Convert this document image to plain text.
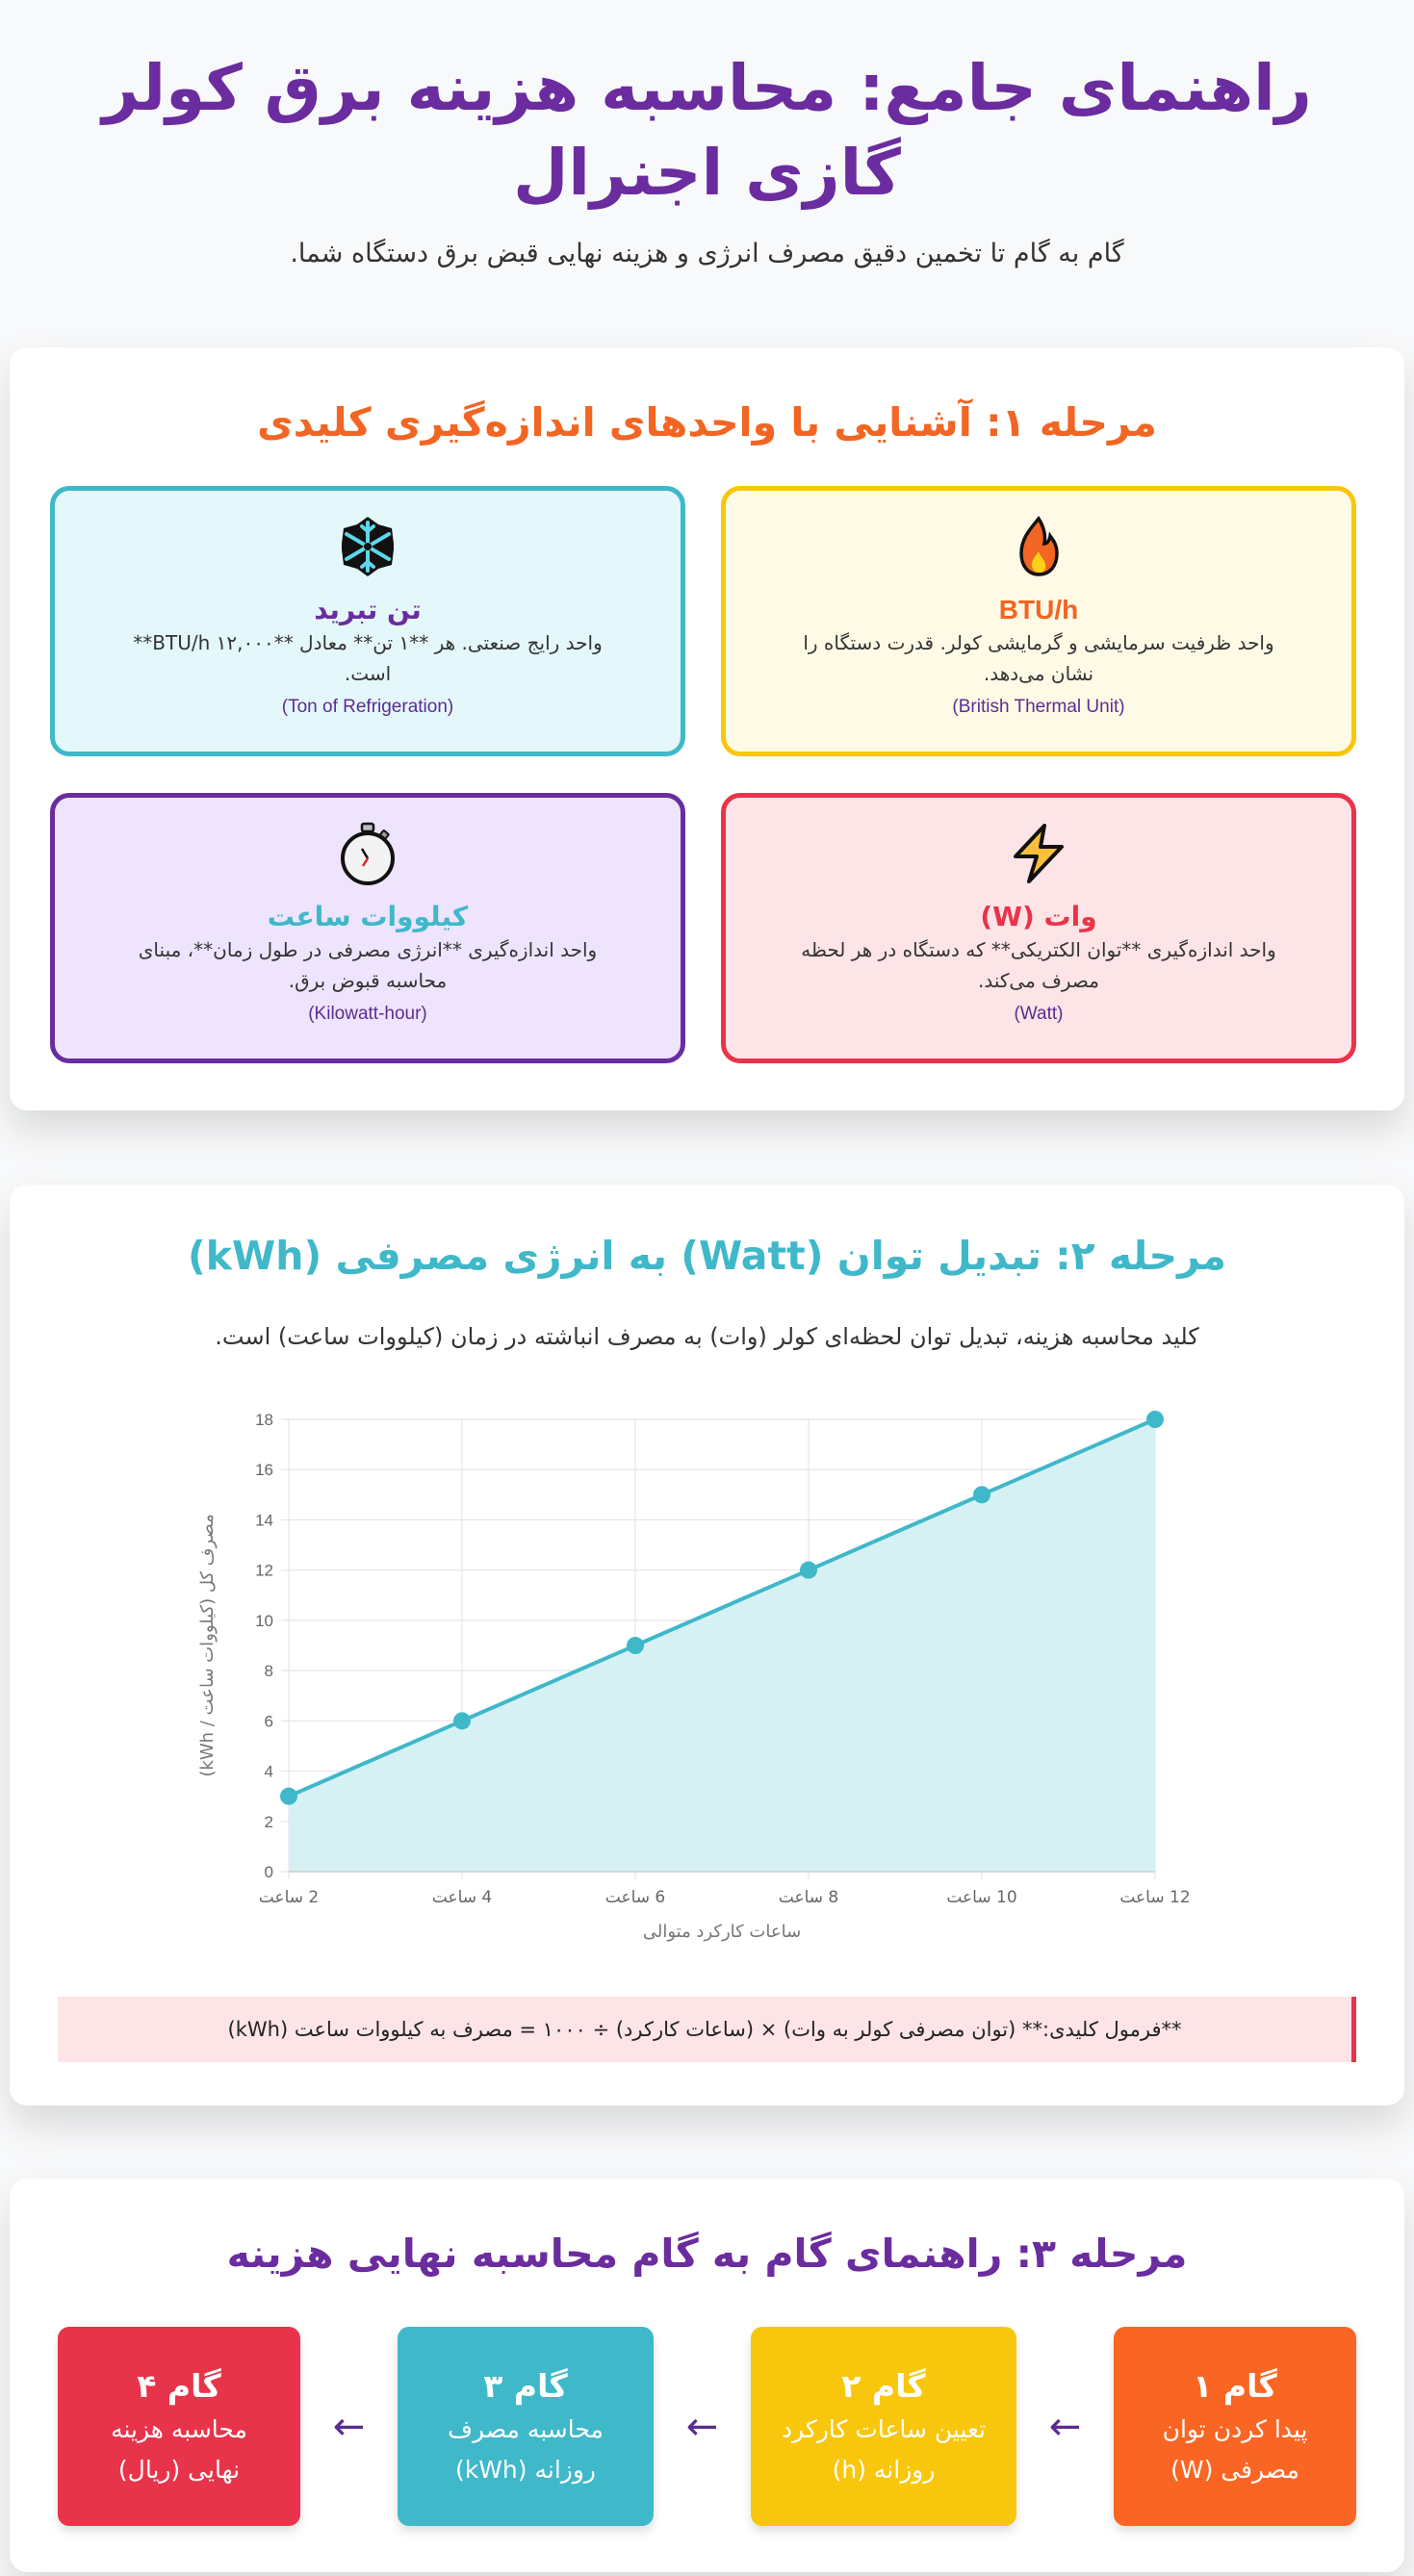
راهنمای جامع: محاسبه هزینه برق کولر گازی اجنرال

گام به گام تا تخمین دقیق مصرف انرژی و هزینه نهایی قبض برق دستگاه شما.

مرحله ۱: آشنایی با واحدهای اندازه‌گیری کلیدی
BTU/h
واحد ظرفیت سرمایشی و گرمایشی کولر. قدرت دستگاه را نشان می‌دهد.
(British Thermal Unit)
تن تبرید
واحد رایج صنعتی. هر **۱ تن** معادل **۱۲,۰۰۰ BTU/h** است.
(Ton of Refrigeration)
وات (W)
واحد اندازه‌گیری **توان الکتریکی** که دستگاه در هر لحظه مصرف می‌کند.
(Watt)
کیلووات ساعت
واحد اندازه‌گیری **انرژی مصرفی در طول زمان**، مبنای محاسبه قبوض برق.
(Kilowatt-hour)
مرحله ۲: تبدیل توان (Watt) به انرژی مصرفی (kWh)

کلید محاسبه هزینه، تبدیل توان لحظه‌ای کولر (وات) به مصرف انباشته در زمان (کیلووات ساعت) است.

0
2
4
6
8
10
12
14
16
18
2 ساعت	4 ساعت	6 ساعت	8 ساعت	10 ساعت	12 ساعت
ساعات کارکرد متوالی
مصرف کل (کیلووات ساعت / kWh)
**فرمول کلیدی:** (توان مصرفی کولر به وات) × (ساعات کارکرد) ÷ ۱۰۰۰ = مصرف به کیلووات ساعت (kWh)
مرحله ۳: راهنمای گام به گام محاسبه نهایی هزینه
گام ۱
پیدا کردن توان
مصرفی (W)
←
گام ۲
تعیین ساعات کارکرد
روزانه (h)
←
گام ۳
محاسبه مصرف
روزانه (kWh)
←
گام ۴
محاسبه هزینه
نهایی (ریال)
